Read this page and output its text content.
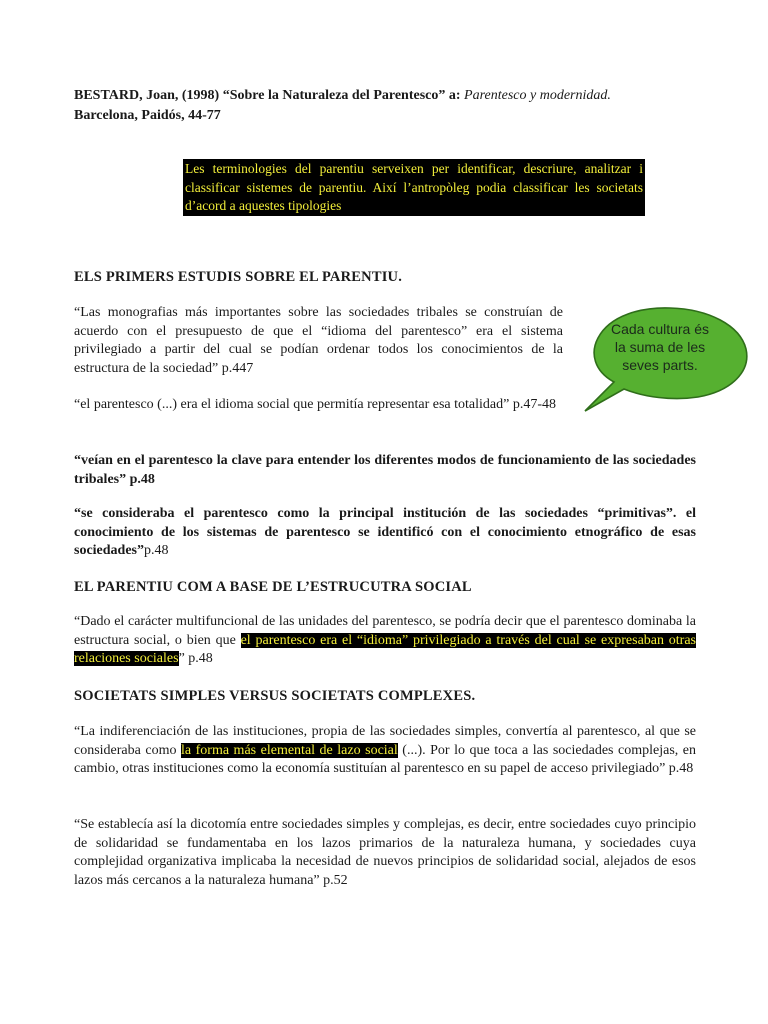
BESTARD, Joan, (1998) “Sobre la Naturaleza del Parentesco” a: Parentesco y modernidad.
Barcelona, Paidós, 44-77
Les terminologies del parentiu serveixen per identificar, descriure, analitzar i classificar sistemes de parentiu. Així l’antropòleg podia classificar les societats d’acord a aquestes tipologies
Cada cultura és la suma de les seves parts.
ELS PRIMERS ESTUDIS SOBRE EL PARENTIU.

“Las monografias más importantes sobre las sociedades tribales se construían de acuerdo con el presupuesto de que el “idioma del parentesco” era el sistema privilegiado a partir del cual se podían ordenar todos los conocimientos de la estructura de la sociedad” p.447

“el parentesco (...) era el idioma social que permitía representar esa totalidad” p.47-48

“veían en el parentesco la clave para entender los diferentes modos de funcionamiento de las sociedades tribales” p.48

“se consideraba el parentesco como la principal institución de las sociedades “primitivas”. el conocimiento de los sistemas de parentesco se identificó con el conocimiento etnográfico de esas sociedades”p.48

EL PARENTIU COM A BASE DE L’ESTRUCUTRA SOCIAL

“Dado el carácter multifuncional de las unidades del parentesco, se podría decir que el parentesco dominaba la estructura social, o bien que el parentesco era el “idioma” privilegiado a través del cual se expresaban otras relaciones sociales” p.48

SOCIETATS SIMPLES VERSUS SOCIETATS COMPLEXES.

“La indiferenciación de las instituciones, propia de las sociedades simples, convertía al parentesco, al que se consideraba como la forma más elemental de lazo social (...). Por lo que toca a las sociedades complejas, en cambio, otras instituciones como la economía sustituían al parentesco en su papel de acceso privilegiado” p.48

“Se establecía así la dicotomía entre sociedades simples y complejas, es decir, entre sociedades cuyo principio de solidaridad se fundamentaba en los lazos primarios de la naturaleza humana, y sociedades cuya complejidad organizativa implicaba la necesidad de nuevos principios de solidaridad social, alejados de esos lazos más cercanos a la naturaleza humana” p.52
